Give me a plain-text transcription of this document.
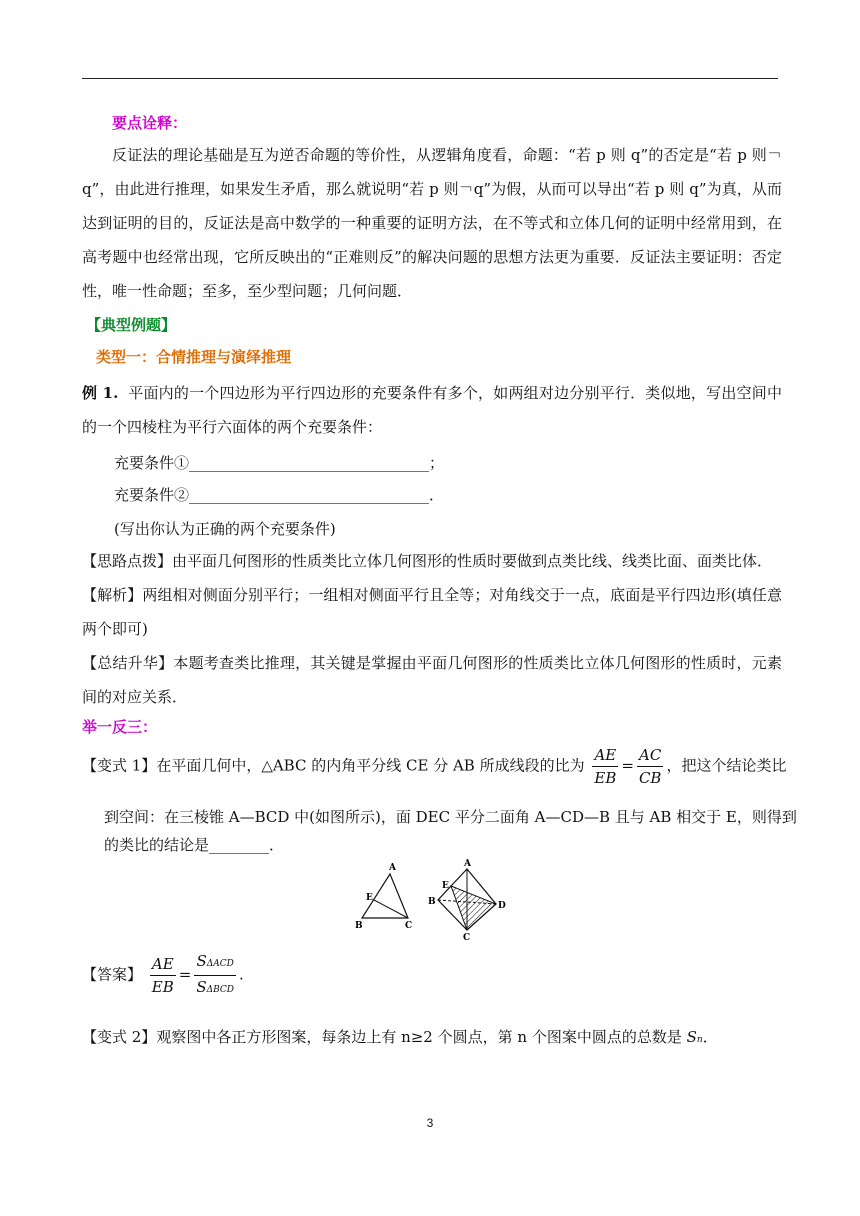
要点诠释：
反证法的理论基础是互为逆否命题的等价性，从逻辑角度看，命题：“若 p 则 q”的否定是“若 p 则￢q”，由此进行推理，如果发生矛盾，那么就说明“若 p 则￢q”为假，从而可以导出“若 p 则 q”为真，从而达到证明的目的，反证法是高中数学的一种重要的证明方法，在不等式和立体几何的证明中经常用到，在高考题中也经常出现，它所反映出的“正难则反”的解决问题的思想方法更为重要．反证法主要证明：否定性，唯一性命题；至多，至少型问题；几何问题．
【典型例题】
类型一：合情推理与演绎推理
例 1. 平面内的一个四边形为平行四边形的充要条件有多个，如两组对边分别平行．类似地，写出空间中的一个四棱柱为平行六面体的两个充要条件：
充要条件①________________________________；
充要条件②________________________________．
(写出你认为正确的两个充要条件)
【思路点拨】由平面几何图形的性质类比立体几何图形的性质时要做到点类比线、线类比面、面类比体．
【解析】两组相对侧面分别平行；一组相对侧面平行且全等；对角线交于一点，底面是平行四边形(填任意两个即可)
【总结升华】本题考查类比推理，其关键是掌握由平面几何图形的性质类比立体几何图形的性质时，元素间的对应关系．
举一反三：
【变式 1】在平面几何中，△ABC 的内角平分线 CE 分 AB 所成线段的比为 $\frac{AE}{EB} = \frac{AC}{CB}$ ，把这个结论类比
到空间：在三棱锥 A—BCD 中(如图所示)，面 DEC 平分二面角 A—CD—B 且与 AB 相交于 E，则得到
的类比的结论是________．
A
E
B	C
A
E
B	D
C
【答案】 $\frac{AE}{EB} = \frac{\text{SΔACD}}{\text{SΔBCD}}$ .
【变式 2】观察图中各正方形图案，每条边上有 n≥2 个圆点，第 n 个图案中圆点的总数是 Sn．
3
